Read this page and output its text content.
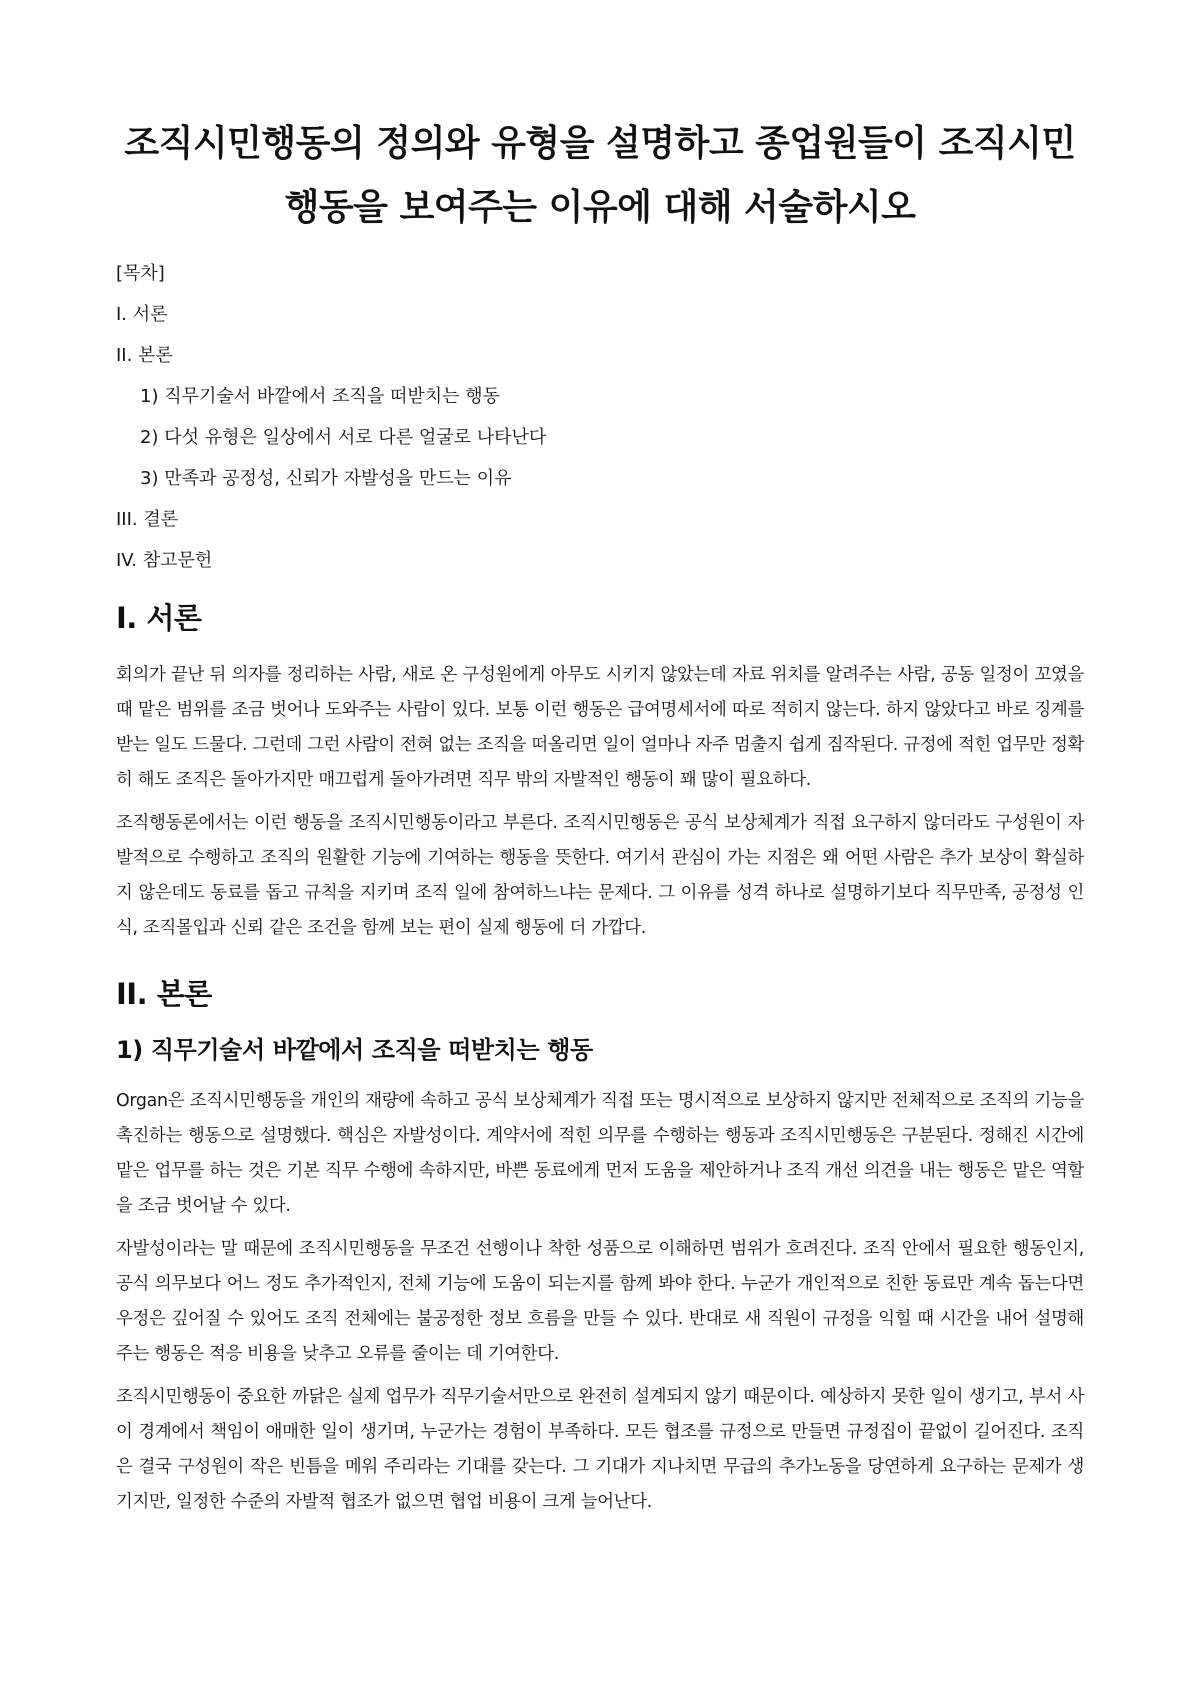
조직시민행동의 정의와 유형을 설명하고 종업원들이 조직시민행동을 보여주는 이유에 대해 서술하시오
[목차]
I. 서론
II. 본론
1) 직무기술서 바깥에서 조직을 떠받치는 행동
2) 다섯 유형은 일상에서 서로 다른 얼굴로 나타난다
3) 만족과 공정성, 신뢰가 자발성을 만드는 이유
III. 결론
IV. 참고문헌
I. 서론

회의가 끝난 뒤 의자를 정리하는 사람, 새로 온 구성원에게 아무도 시키지 않았는데 자료 위치를 알려주는 사람, 공동 일정이 꼬였을 때 맡은 범위를 조금 벗어나 도와주는 사람이 있다. 보통 이런 행동은 급여명세서에 따로 적히지 않는다. 하지 않았다고 바로 징계를 받는 일도 드물다. 그런데 그런 사람이 전혀 없는 조직을 떠올리면 일이 얼마나 자주 멈출지 쉽게 짐작된다. 규정에 적힌 업무만 정확히 해도 조직은 돌아가지만 매끄럽게 돌아가려면 직무 밖의 자발적인 행동이 꽤 많이 필요하다.

조직행동론에서는 이런 행동을 조직시민행동이라고 부른다. 조직시민행동은 공식 보상체계가 직접 요구하지 않더라도 구성원이 자발적으로 수행하고 조직의 원활한 기능에 기여하는 행동을 뜻한다. 여기서 관심이 가는 지점은 왜 어떤 사람은 추가 보상이 확실하지 않은데도 동료를 돕고 규칙을 지키며 조직 일에 참여하느냐는 문제다. 그 이유를 성격 하나로 설명하기보다 직무만족, 공정성 인식, 조직몰입과 신뢰 같은 조건을 함께 보는 편이 실제 행동에 더 가깝다.

II. 본론
1) 직무기술서 바깥에서 조직을 떠받치는 행동

Organ은 조직시민행동을 개인의 재량에 속하고 공식 보상체계가 직접 또는 명시적으로 보상하지 않지만 전체적으로 조직의 기능을 촉진하는 행동으로 설명했다. 핵심은 자발성이다. 계약서에 적힌 의무를 수행하는 행동과 조직시민행동은 구분된다. 정해진 시간에 맡은 업무를 하는 것은 기본 직무 수행에 속하지만, 바쁜 동료에게 먼저 도움을 제안하거나 조직 개선 의견을 내는 행동은 맡은 역할을 조금 벗어날 수 있다.

자발성이라는 말 때문에 조직시민행동을 무조건 선행이나 착한 성품으로 이해하면 범위가 흐려진다. 조직 안에서 필요한 행동인지, 공식 의무보다 어느 정도 추가적인지, 전체 기능에 도움이 되는지를 함께 봐야 한다. 누군가 개인적으로 친한 동료만 계속 돕는다면 우정은 깊어질 수 있어도 조직 전체에는 불공정한 정보 흐름을 만들 수 있다. 반대로 새 직원이 규정을 익힐 때 시간을 내어 설명해 주는 행동은 적응 비용을 낮추고 오류를 줄이는 데 기여한다.

조직시민행동이 중요한 까닭은 실제 업무가 직무기술서만으로 완전히 설계되지 않기 때문이다. 예상하지 못한 일이 생기고, 부서 사이 경계에서 책임이 애매한 일이 생기며, 누군가는 경험이 부족하다. 모든 협조를 규정으로 만들면 규정집이 끝없이 길어진다. 조직은 결국 구성원이 작은 빈틈을 메워 주리라는 기대를 갖는다. 그 기대가 지나치면 무급의 추가노동을 당연하게 요구하는 문제가 생기지만, 일정한 수준의 자발적 협조가 없으면 협업 비용이 크게 늘어난다.
